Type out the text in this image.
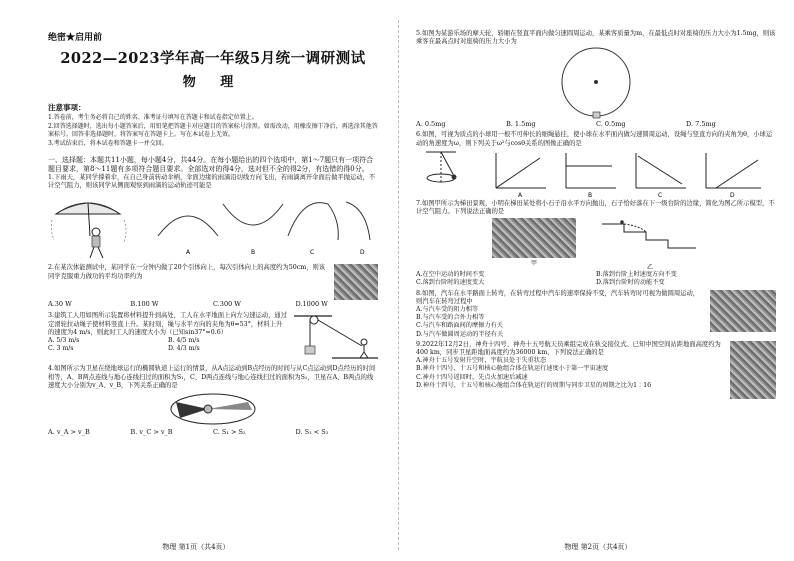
绝密★启用前
2022—2023学年高一年级5月统一调研测试
物 理
注意事项：
1.答卷前，考生务必将自己的姓名、准考证号填写在答题卡和试卷指定位置上。
2.回答选择题时，选出每小题答案后，用铅笔把答题卡对应题目的答案标号涂黑。如需改动，用橡皮擦干净后，再选涂其他答案标号。回答非选择题时，将答案写在答题卡上。写在本试卷上无效。
3.考试结束后，将本试卷和答题卡一并交回。
一、选择题：本题共11小题，每小题4分，共44分。在每小题给出的四个选项中，第1～7题只有一项符合题目要求，第8～11题有多项符合题目要求。全部选对的得4分，选对但不全的得2分，有选错的得0分。

1.下雨天，某同学撑着伞，在自己身前转动伞柄，伞面边缘的雨滴沿切线方向飞出，若雨滴离开伞面后做平抛运动，不计空气阻力，则该同学从侧面观察到雨滴的运动轨迹可能是

A	B	C	D

2.在某次体能测试中，某同学在一分钟内做了20个引体向上，每次引体向上的高度约为50cm，则该同学克服重力做功的平均功率约为

A.30 W	B.100 W	C.300 W	D.1000 W

3.建筑工人用如图所示装置将材料提升到高处，工人在水平地面上向左匀速运动，通过定滑轮拉动绳子使材料竖直上升。某时刻，绳与水平方向的夹角为θ=53°，材料上升的速度为4 m/s，则此时工人的速度大小为（已知sin37°=0.6）

A. 5/3 m/s	B. 4/5 m/s
C. 3 m/s	D. 4/3 m/s

4.如图所示为卫星在绕地球运行的椭圆轨道上运行的情景，从A点运动到B点经历的时间与从C点运动到D点经历的时间相等，A、B两点连线与地心连线扫过的面积为S₁，C、D两点连线与地心连线扫过的面积为S₂，卫星在A、B两点的线速度大小分别为v_A、v_B，下列关系正确的是

A. v_A > v_B	B. v_C > v_B	C. S₁ > S₂	D. S₁ < S₂
物理 第1页（共4页）

5.如图为某游乐场的摩天轮，轿厢在竖直平面内做匀速圆周运动，某乘客质量为m，在最低点时对座椅的压力大小为1.5mg，则该乘客在最高点时对座椅的压力大小为

A. 0.5mg	B. 1.5mg	C. 0.5mg	D. 7.5mg

6.如图，可视为质点的小球用一根不可伸长的细绳悬挂，使小球在水平面内做匀速圆周运动，设绳与竖直方向的夹角为θ，小球运动的角速度为ω，则下列关于ω²与cosθ关系的图像正确的是

A	B	C	D

7.如图甲所示为梯田景观，小明在梯田某处将小石子沿水平方向抛出，石子恰好落在下一级台阶的边缘，简化为图乙所示模型，不计空气阻力。下列说法正确的是

甲
乙
A.在空中运动的时间不变	B.落到台阶上时速度方向不变
C.落到台阶时的速度变大	D.落到台阶时的动能不变

8.如图，汽车在水平路面上转弯，在转弯过程中汽车的速率保持不变，汽车转弯时可视为做圆周运动，则汽车在转弯过程中

A.与汽车受的阻力相等
B.与汽车受的合外力相等
C.与汽车和路面间的摩擦力有关
D.与汽车做圆周运动的半径有关

9.2022年12月2日，神舟十四号、神舟十五号航天员乘组完成在轨交接仪式。已知中国空间站距地面高度约为400 km，同步卫星距地面高度约为36000 km，下列说法正确的是

A.神舟十五号发射升空时，宇航员处于失重状态
B.神舟十四号、十五号和核心舱组合体在轨运行速度小于第一宇宙速度
C.神舟十四号返回时，先点火加速后减速
D.神舟十四号、十五号和核心舱组合体在轨运行的周期与同步卫星的周期之比为1∶16
物理 第2页（共4页）
